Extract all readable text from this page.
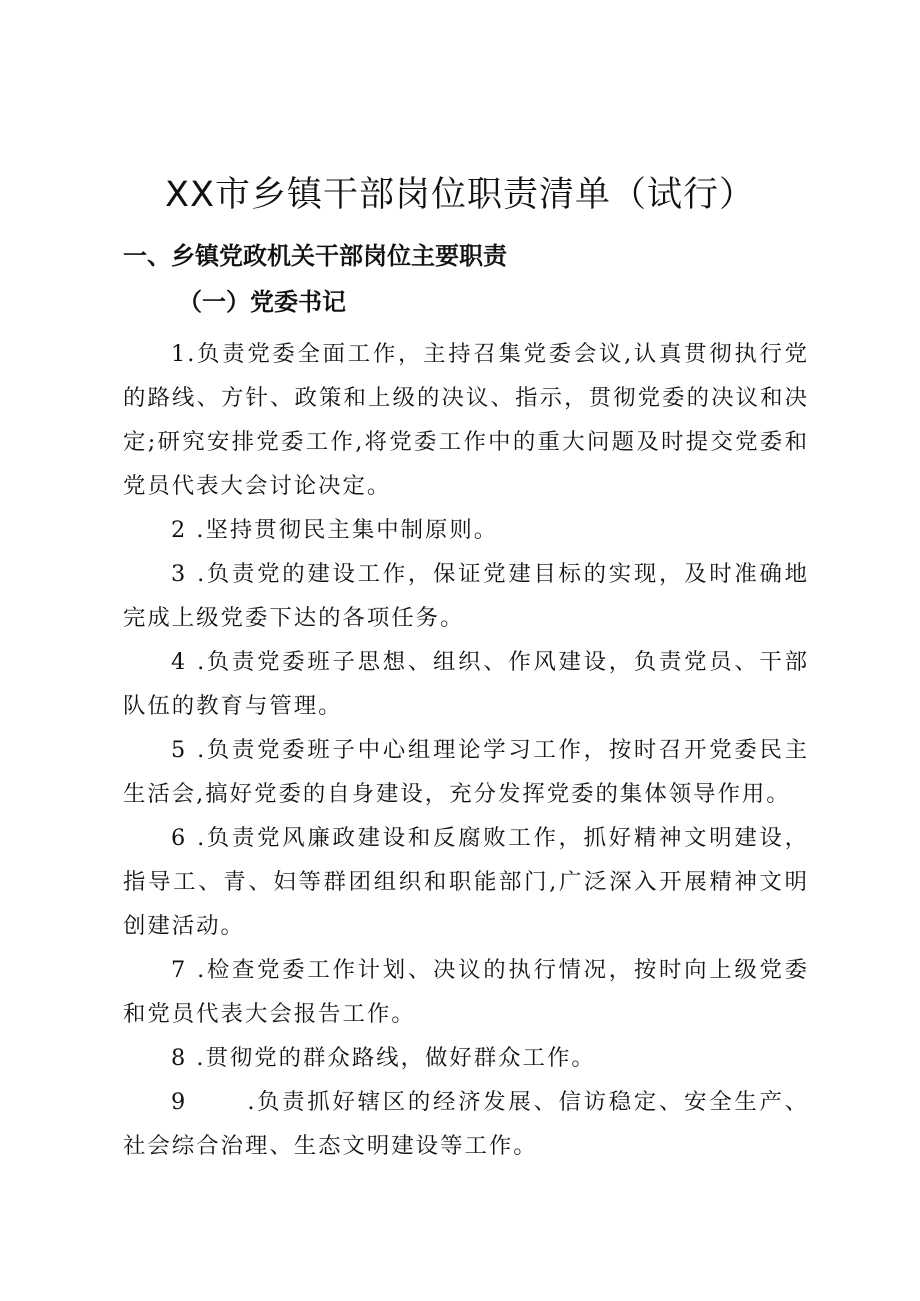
XX市乡镇干部岗位职责清单（试行）
一、乡镇党政机关干部岗位主要职责
（一）党委书记
1.负责党委全面工作，主持召集党委会议,认真贯彻执行党的路线、方针、政策和上级的决议、指示，贯彻党委的决议和决定;研究安排党委工作,将党委工作中的重大问题及时提交党委和党员代表大会讨论决定。
2 .坚持贯彻民主集中制原则。
3 .负责党的建设工作，保证党建目标的实现，及时准确地完成上级党委下达的各项任务。
4 .负责党委班子思想、组织、作风建设，负责党员、干部队伍的教育与管理。
5 .负责党委班子中心组理论学习工作，按时召开党委民主生活会,搞好党委的自身建设，充分发挥党委的集体领导作用。
6 .负责党风廉政建设和反腐败工作，抓好精神文明建设，指导工、青、妇等群团组织和职能部门,广泛深入开展精神文明创建活动。
7 .检查党委工作计划、决议的执行情况，按时向上级党委和党员代表大会报告工作。
8 .贯彻党的群众路线，做好群众工作。
9 　　.负责抓好辖区的经济发展、信访稳定、安全生产、社会综合治理、生态文明建设等工作。
